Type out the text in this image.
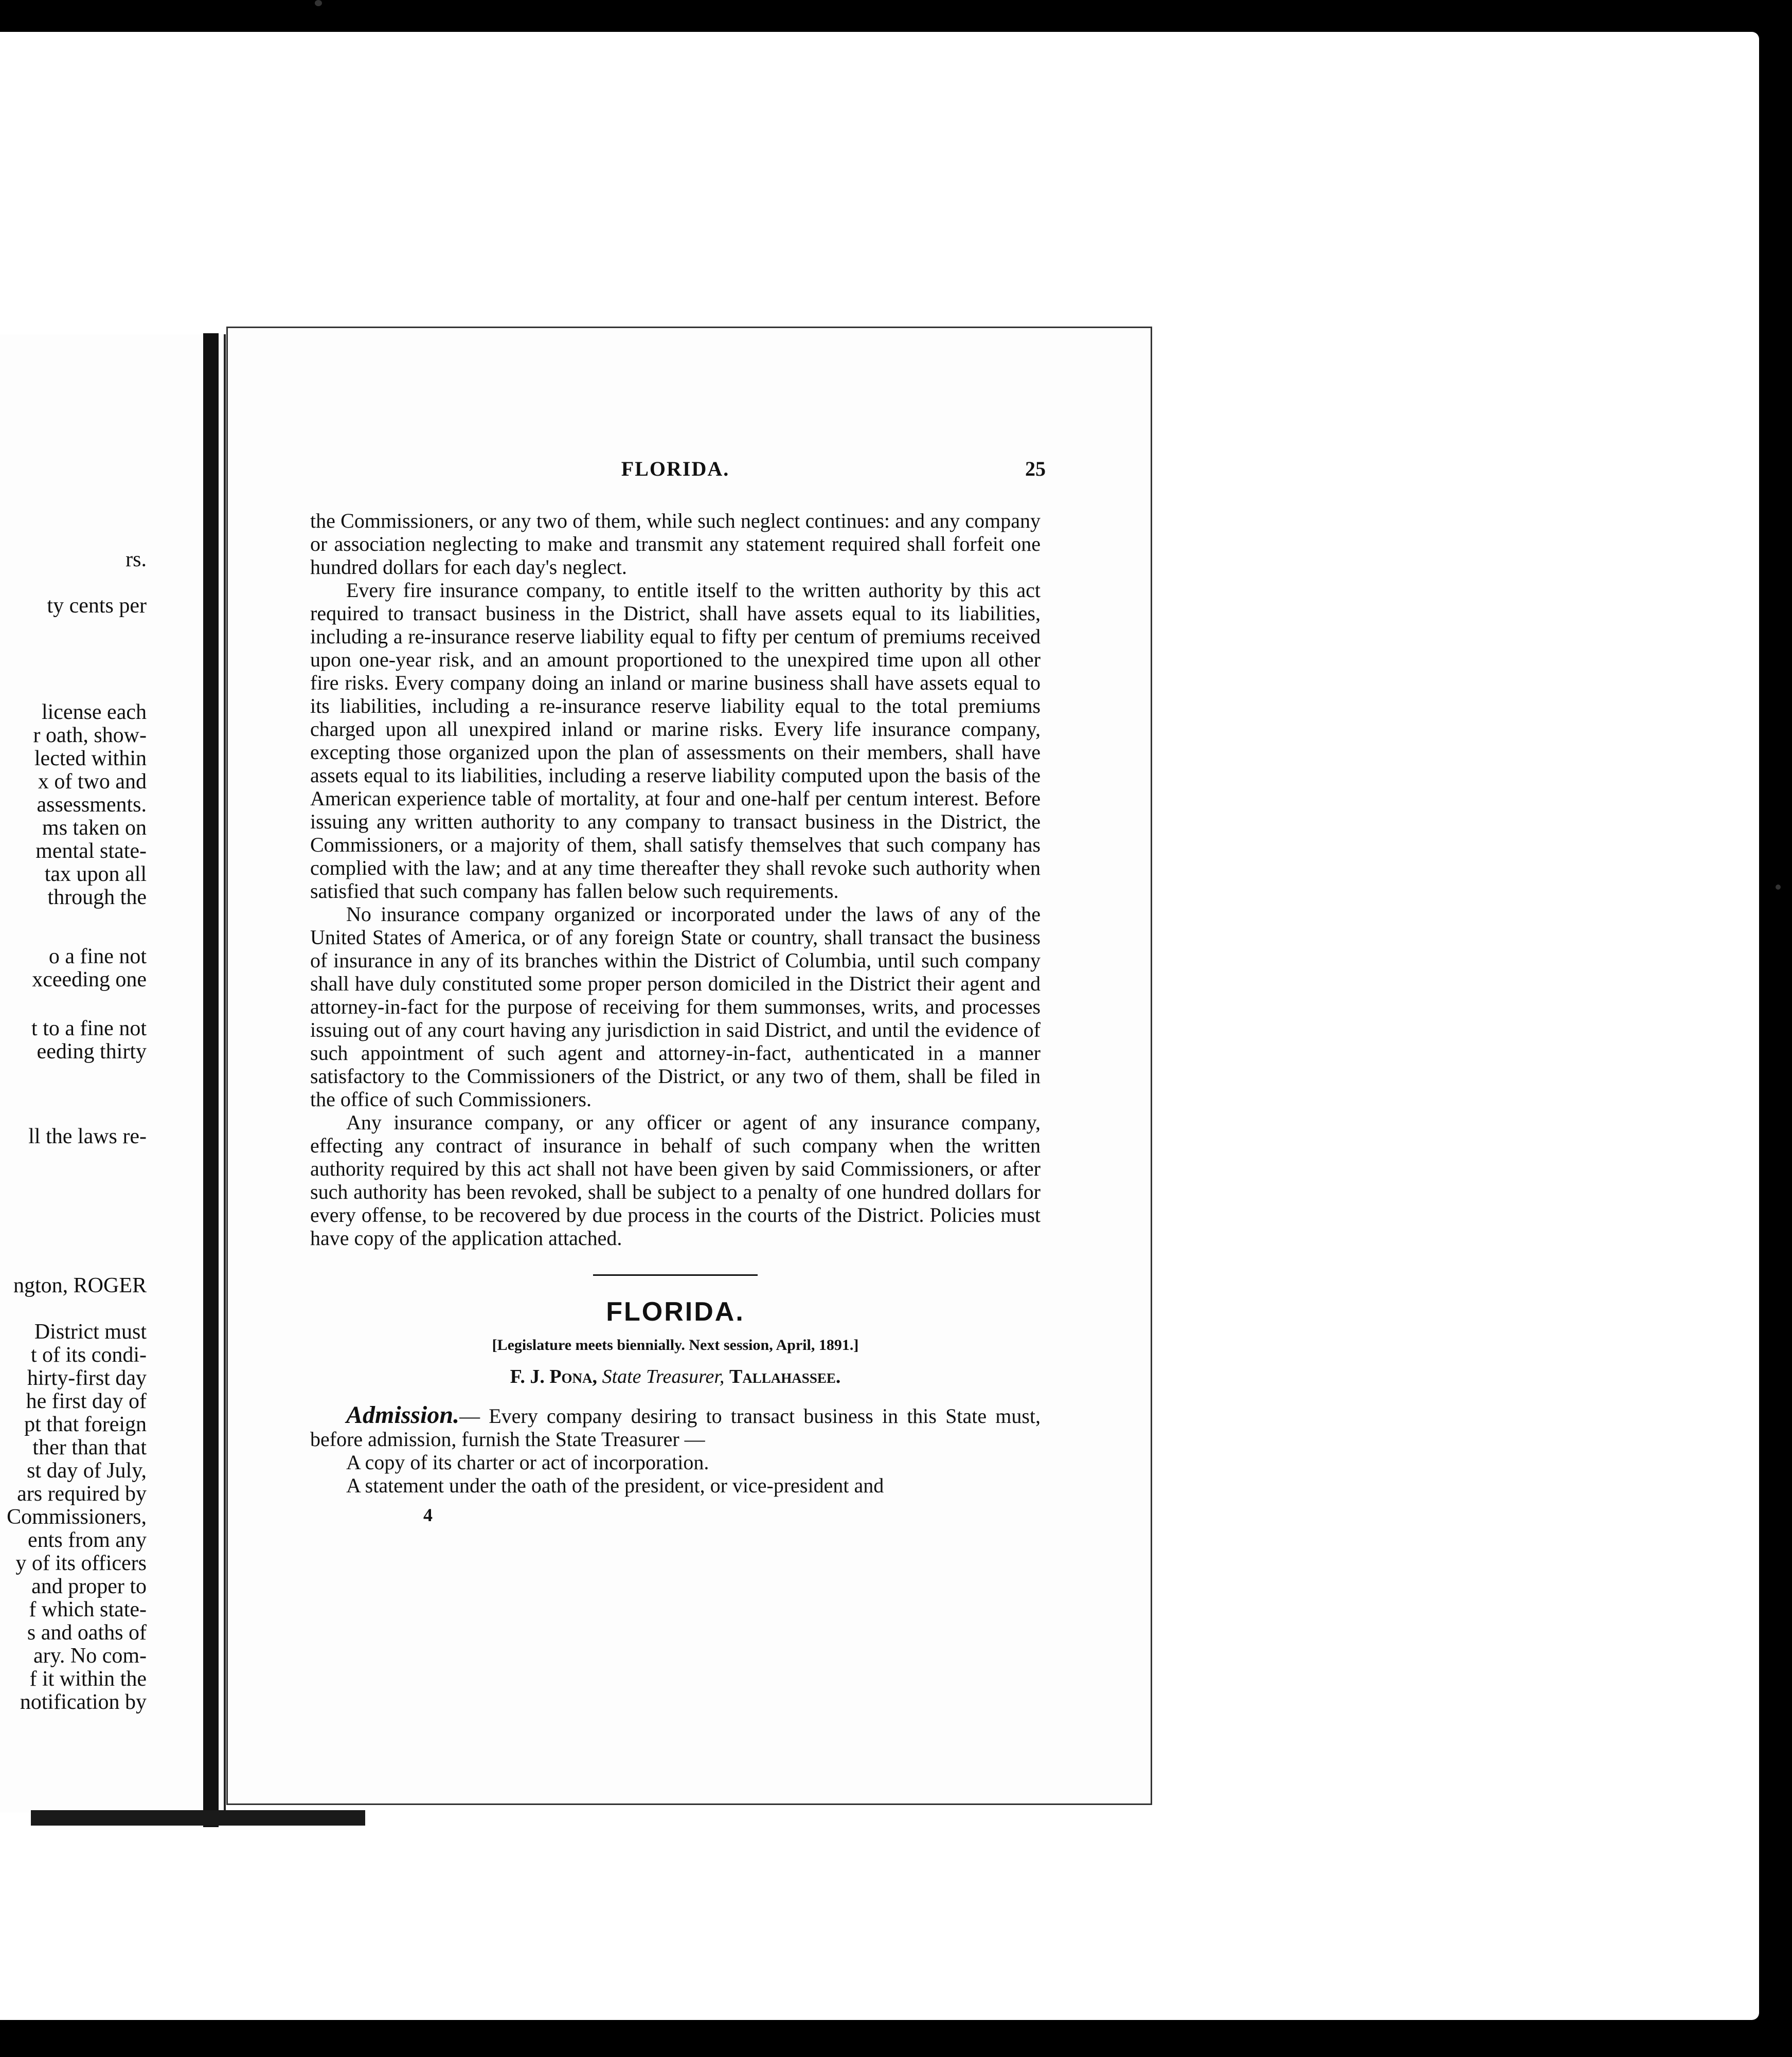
rs.
ty cents per
license each
r oath, show-
lected within
x of two and
assessments.
ms taken on
mental state-
tax upon all
through the
o a fine not
xceeding one
t to a fine not
eeding thirty
ll the laws re-
ngton, ROGER
District must
t of its condi-
hirty-first day
he first day of
pt that foreign
ther than that
st day of July,
ars required by
Commissioners,
ents from any
y of its officers
and proper to
f which state-
s and oaths of
ary. No com-
f it within the
notification by
FLORIDA.	25

the Commissioners, or any two of them, while such neglect continues: and any company or association neglecting to make and transmit any statement required shall forfeit one hundred dollars for each day's neglect.

Every fire insurance company, to entitle itself to the written authority by this act required to transact business in the District, shall have assets equal to its liabilities, including a re-insurance reserve liability equal to fifty per centum of premiums received upon one-year risk, and an amount proportioned to the unexpired time upon all other fire risks. Every company doing an inland or marine business shall have assets equal to its liabilities, including a re-insurance reserve liability equal to the total premiums charged upon all unexpired inland or marine risks. Every life insurance company, excepting those organized upon the plan of assessments on their members, shall have assets equal to its liabilities, including a reserve liability computed upon the basis of the American experience table of mortality, at four and one-half per centum interest. Before issuing any written authority to any company to transact business in the District, the Commissioners, or a majority of them, shall satisfy themselves that such company has complied with the law; and at any time thereafter they shall revoke such authority when satisfied that such company has fallen below such requirements.

No insurance company organized or incorporated under the laws of any of the United States of America, or of any foreign State or country, shall transact the business of insurance in any of its branches within the District of Columbia, until such company shall have duly constituted some proper person domiciled in the District their agent and attorney-in-fact for the purpose of receiving for them summonses, writs, and processes issuing out of any court having any jurisdiction in said District, and until the evidence of such appointment of such agent and attorney-in-fact, authenticated in a manner satisfactory to the Commissioners of the District, or any two of them, shall be filed in the office of such Commissioners.

Any insurance company, or any officer or agent of any insurance company, effecting any contract of insurance in behalf of such company when the written authority required by this act shall not have been given by said Commissioners, or after such authority has been revoked, shall be subject to a penalty of one hundred dollars for every offense, to be recovered by due process in the courts of the District. Policies must have copy of the application attached.

FLORIDA.

[Legislature meets biennially. Next session, April, 1891.]

F. J. Pona, State Treasurer, Tallahassee.

Admission.— Every company desiring to transact business in this State must, before admission, furnish the State Treasurer —

A copy of its charter or act of incorporation.

A statement under the oath of the president, or vice-president and

4
